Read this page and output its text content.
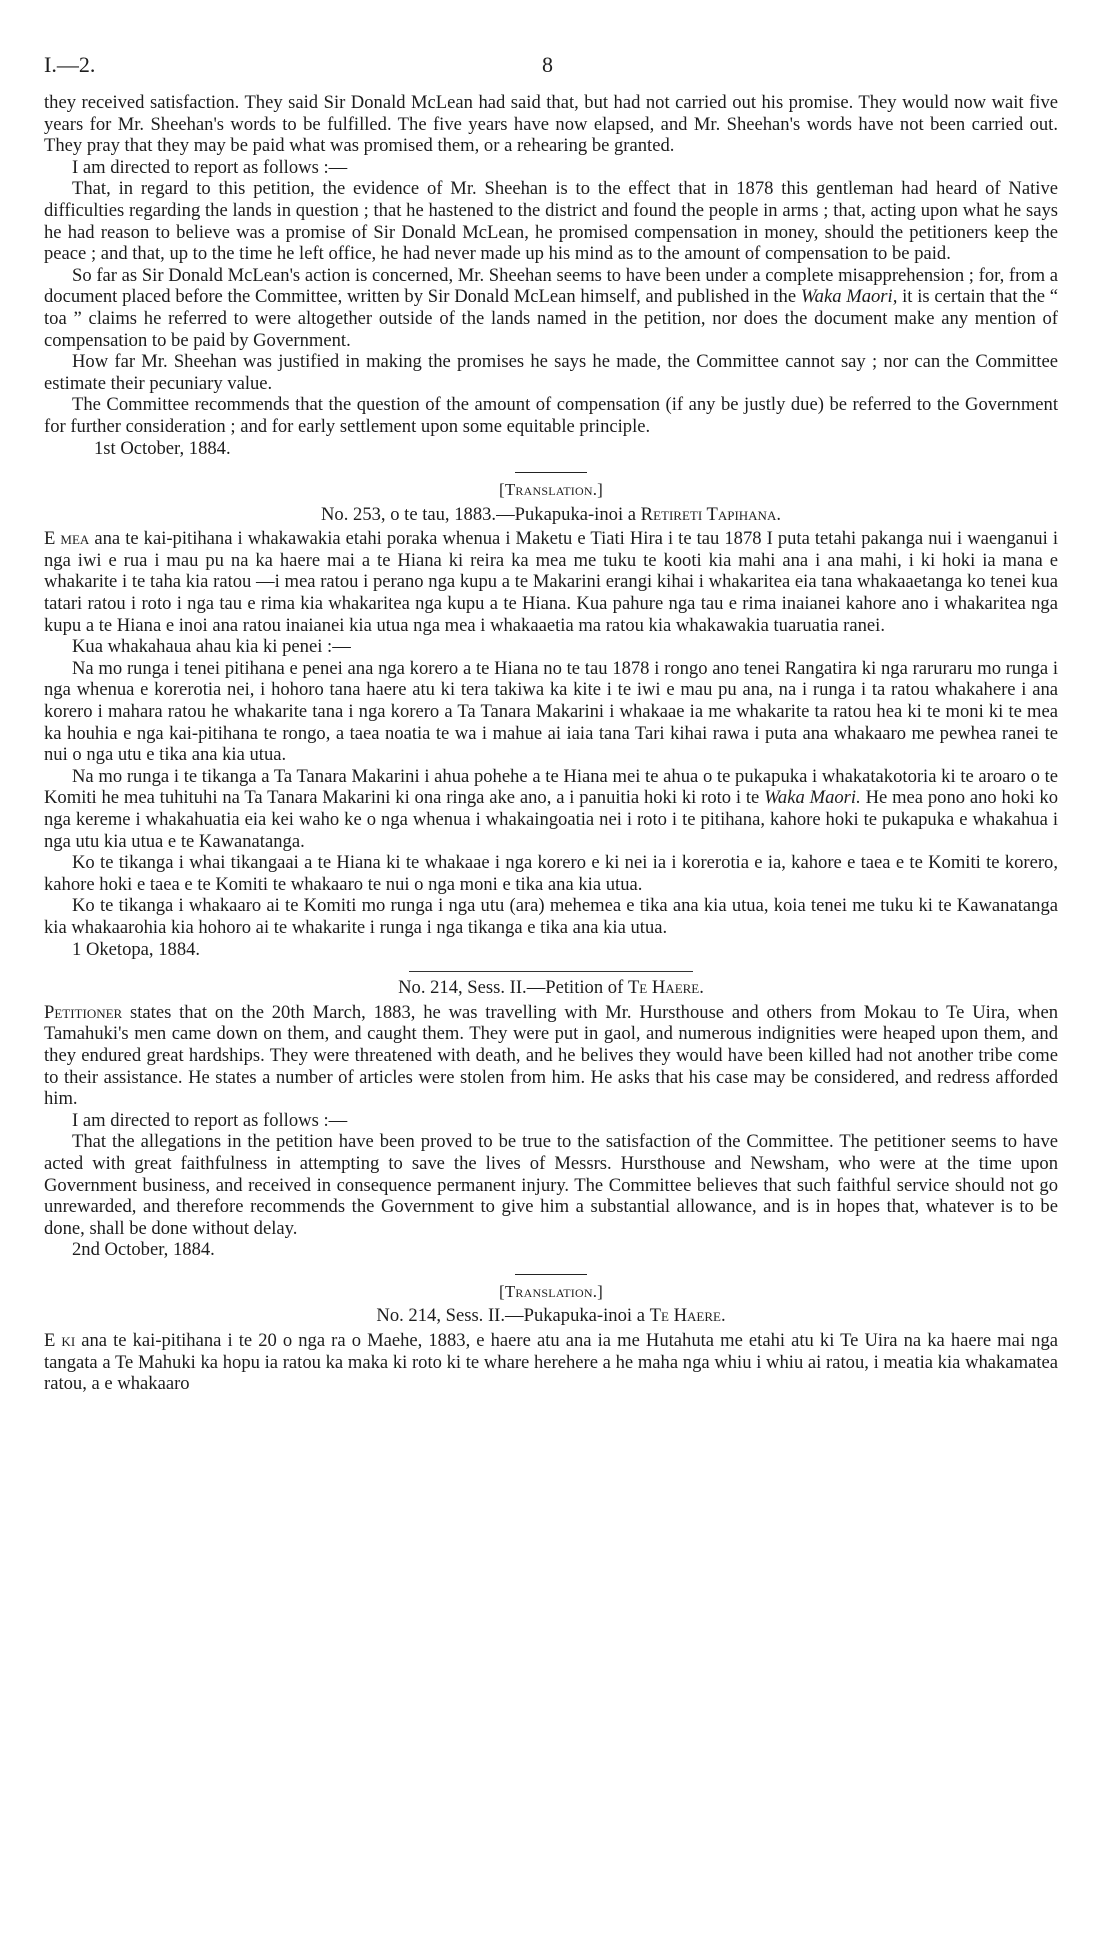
I.—2.	8

they received satisfaction. They said Sir Donald McLean had said that, but had not carried out his promise. They would now wait five years for Mr. Sheehan's words to be fulfilled. The five years have now elapsed, and Mr. Sheehan's words have not been carried out. They pray that they may be paid what was promised them, or a rehearing be granted.

I am directed to report as follows :—

That, in regard to this petition, the evidence of Mr. Sheehan is to the effect that in 1878 this gentleman had heard of Native difficulties regarding the lands in question ; that he hastened to the district and found the people in arms ; that, acting upon what he says he had reason to believe was a promise of Sir Donald McLean, he promised compensation in money, should the petitioners keep the peace ; and that, up to the time he left office, he had never made up his mind as to the amount of compensation to be paid.

So far as Sir Donald McLean's action is concerned, Mr. Sheehan seems to have been under a complete misapprehension ; for, from a document placed before the Committee, written by Sir Donald McLean himself, and published in the Waka Maori, it is certain that the “ toa ” claims he referred to were altogether outside of the lands named in the petition, nor does the document make any mention of compensation to be paid by Government.

How far Mr. Sheehan was justified in making the promises he says he made, the Committee cannot say ; nor can the Committee estimate their pecuniary value.

The Committee recommends that the question of the amount of compensation (if any be justly due) be referred to the Government for further consideration ; and for early settlement upon some equitable principle.

1st October, 1884.

[Translation.]

No. 253, o te tau, 1883.—Pukapuka-inoi a Retireti Tapihana.

E mea ana te kai-pitihana i whakawakia etahi poraka whenua i Maketu e Tiati Hira i te tau 1878 I puta tetahi pakanga nui i waenganui i nga iwi e rua i mau pu na ka haere mai a te Hiana ki reira ka mea me tuku te kooti kia mahi ana i ana mahi, i ki hoki ia mana e whakarite i te taha kia ratou —i mea ratou i perano nga kupu a te Makarini erangi kihai i whakaritea eia tana whakaaetanga ko tenei kua tatari ratou i roto i nga tau e rima kia whakaritea nga kupu a te Hiana. Kua pahure nga tau e rima inaianei kahore ano i whakaritea nga kupu a te Hiana e inoi ana ratou inaianei kia utua nga mea i whakaaetia ma ratou kia whakawakia tuaruatia ranei.

Kua whakahaua ahau kia ki penei :—

Na mo runga i tenei pitihana e penei ana nga korero a te Hiana no te tau 1878 i rongo ano tenei Rangatira ki nga raruraru mo runga i nga whenua e korerotia nei, i hohoro tana haere atu ki tera takiwa ka kite i te iwi e mau pu ana, na i runga i ta ratou whakahere i ana korero i mahara ratou he whakarite tana i nga korero a Ta Tanara Makarini i whakaae ia me whakarite ta ratou hea ki te moni ki te mea ka houhia e nga kai-pitihana te rongo, a taea noatia te wa i mahue ai iaia tana Tari kihai rawa i puta ana whakaaro me pewhea ranei te nui o nga utu e tika ana kia utua.

Na mo runga i te tikanga a Ta Tanara Makarini i ahua pohehe a te Hiana mei te ahua o te pukapuka i whakatakotoria ki te aroaro o te Komiti he mea tuhituhi na Ta Tanara Makarini ki ona ringa ake ano, a i panuitia hoki ki roto i te Waka Maori. He mea pono ano hoki ko nga kereme i whakahuatia eia kei waho ke o nga whenua i whakaingoatia nei i roto i te pitihana, kahore hoki te pukapuka e whakahua i nga utu kia utua e te Kawanatanga.

Ko te tikanga i whai tikangaai a te Hiana ki te whakaae i nga korero e ki nei ia i korerotia e ia, kahore e taea e te Komiti te korero, kahore hoki e taea e te Komiti te whakaaro te nui o nga moni e tika ana kia utua.

Ko te tikanga i whakaaro ai te Komiti mo runga i nga utu (ara) mehemea e tika ana kia utua, koia tenei me tuku ki te Kawanatanga kia whakaarohia kia hohoro ai te whakarite i runga i nga tikanga e tika ana kia utua.

1 Oketopa, 1884.

No. 214, Sess. II.—Petition of Te Haere.

Petitioner states that on the 20th March, 1883, he was travelling with Mr. Hursthouse and others from Mokau to Te Uira, when Tamahuki's men came down on them, and caught them. They were put in gaol, and numerous indignities were heaped upon them, and they endured great hardships. They were threatened with death, and he belives they would have been killed had not another tribe come to their assistance. He states a number of articles were stolen from him. He asks that his case may be considered, and redress afforded him.

I am directed to report as follows :—

That the allegations in the petition have been proved to be true to the satisfaction of the Committee. The petitioner seems to have acted with great faithfulness in attempting to save the lives of Messrs. Hursthouse and Newsham, who were at the time upon Government business, and received in consequence permanent injury. The Committee believes that such faithful service should not go unrewarded, and therefore recommends the Government to give him a substantial allowance, and is in hopes that, whatever is to be done, shall be done without delay.

2nd October, 1884.

[Translation.]

No. 214, Sess. II.—Pukapuka-inoi a Te Haere.

E ki ana te kai-pitihana i te 20 o nga ra o Maehe, 1883, e haere atu ana ia me Hutahuta me etahi atu ki Te Uira na ka haere mai nga tangata a Te Mahuki ka hopu ia ratou ka maka ki roto ki te whare herehere a he maha nga whiu i whiu ai ratou, i meatia kia whakamatea ratou, a e whakaaro
